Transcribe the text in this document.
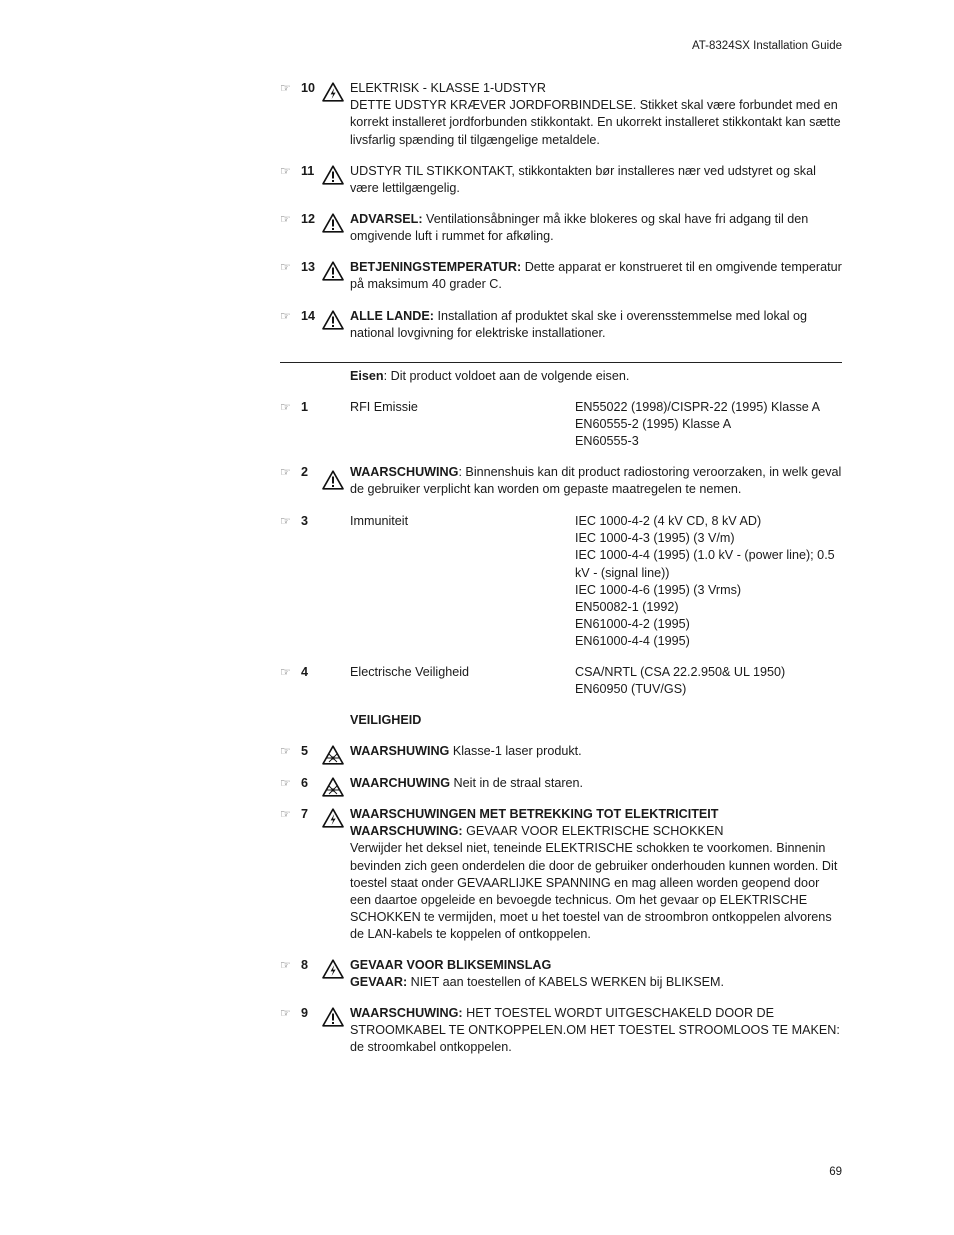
AT-8324SX Installation Guide
☞ 10	ELEKTRISK - KLASSE 1-UDSTYR
DETTE UDSTYR KRÆVER JORDFORBINDELSE. Stikket skal være forbundet med en korrekt installeret jordforbunden stikkontakt. En ukorrekt installeret stikkontakt kan sætte livsfarlig spænding til tilgængelige metaldele.
☞ 11	UDSTYR TIL STIKKONTAKT, stikkontakten bør installeres nær ved udstyret og skal være lettilgængelig.
☞ 12	ADVARSEL: Ventilationsåbninger må ikke blokeres og skal have fri adgang til den omgivende luft i rummet for afkøling.
☞ 13	BETJENINGSTEMPERATUR: Dette apparat er konstrueret til en omgivende temperatur på maksimum 40 grader C.
☞ 14	ALLE LANDE: Installation af produktet skal ske i overensstemmelse med lokal og national lovgivning for elektriske installationer.
Eisen: Dit product voldoet aan de volgende eisen.
☞ 1	RFI Emissie	EN55022 (1998)/CISPR-22 (1995) Klasse A
EN60555-2 (1995) Klasse A
EN60555-3
☞ 2	WAARSCHUWING: Binnenshuis kan dit product radiostoring veroorzaken, in welk geval de gebruiker verplicht kan worden om gepaste maatregelen te nemen.
☞ 3	Immuniteit	IEC 1000-4-2 (4 kV CD, 8 kV AD)
IEC 1000-4-3 (1995) (3 V/m)
IEC 1000-4-4 (1995) (1.0 kV - (power line); 0.5 kV - (signal line))
IEC 1000-4-6 (1995) (3 Vrms)
EN50082-1 (1992)
EN61000-4-2 (1995)
EN61000-4-4 (1995)
☞ 4	Electrische Veiligheid	CSA/NRTL (CSA 22.2.950& UL 1950)
EN60950 (TUV/GS)
VEILIGHEID
☞ 5	WAARSHUWING Klasse-1 laser produkt.
☞ 6	WAARCHUWING Neit in de straal staren.
☞ 7	WAARSCHUWINGEN MET BETREKKING TOT ELEKTRICITEIT
WAARSCHUWING: GEVAAR VOOR ELEKTRISCHE SCHOKKEN
Verwijder het deksel niet, teneinde ELEKTRISCHE schokken te voorkomen. Binnenin bevinden zich geen onderdelen die door de gebruiker onderhouden kunnen worden. Dit toestel staat onder GEVAARLIJKE SPANNING en mag alleen worden geopend door een daartoe opgeleide en bevoegde technicus. Om het gevaar op ELEKTRISCHE SCHOKKEN te vermijden, moet u het toestel van de stroombron ontkoppelen alvorens de LAN-kabels te koppelen of ontkoppelen.
☞ 8	GEVAAR VOOR BLIKSEMINSLAG
GEVAAR: NIET aan toestellen of KABELS WERKEN bij BLIKSEM.
☞ 9	WAARSCHUWING: HET TOESTEL WORDT UITGESCHAKELD DOOR DE STROOMKABEL TE ONTKOPPELEN.OM HET TOESTEL STROOMLOOS TE MAKEN: de stroomkabel ontkoppelen.
69
